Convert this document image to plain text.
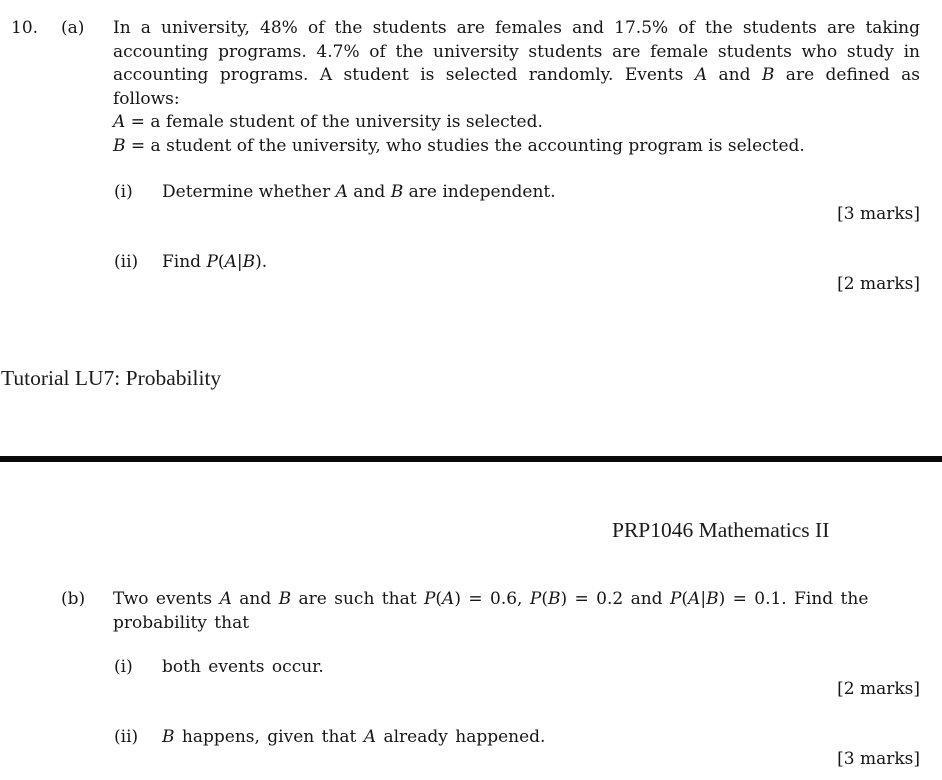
10. (a) In a university, 48% of the students are females and 17.5% of the students are taking
accounting programs. 4.7% of the university students are female students who study in
accounting programs. A student is selected randomly. Events A and B are defined as
follows:
A = a female student of the university is selected.
B = a student of the university, who studies the accounting program is selected.
(i) Determine whether A and B are independent.
[3 marks]
(ii) Find P(A|B).
[2 marks]
Tutorial LU7: Probability
PRP1046 Mathematics II
(b) Two events A and B are such that P(A) = 0.6, P(B) = 0.2 and P(A|B) = 0.1. Find the
probability that
(i) both events occur.
[2 marks]
(ii) B happens, given that A already happened.
[3 marks]
